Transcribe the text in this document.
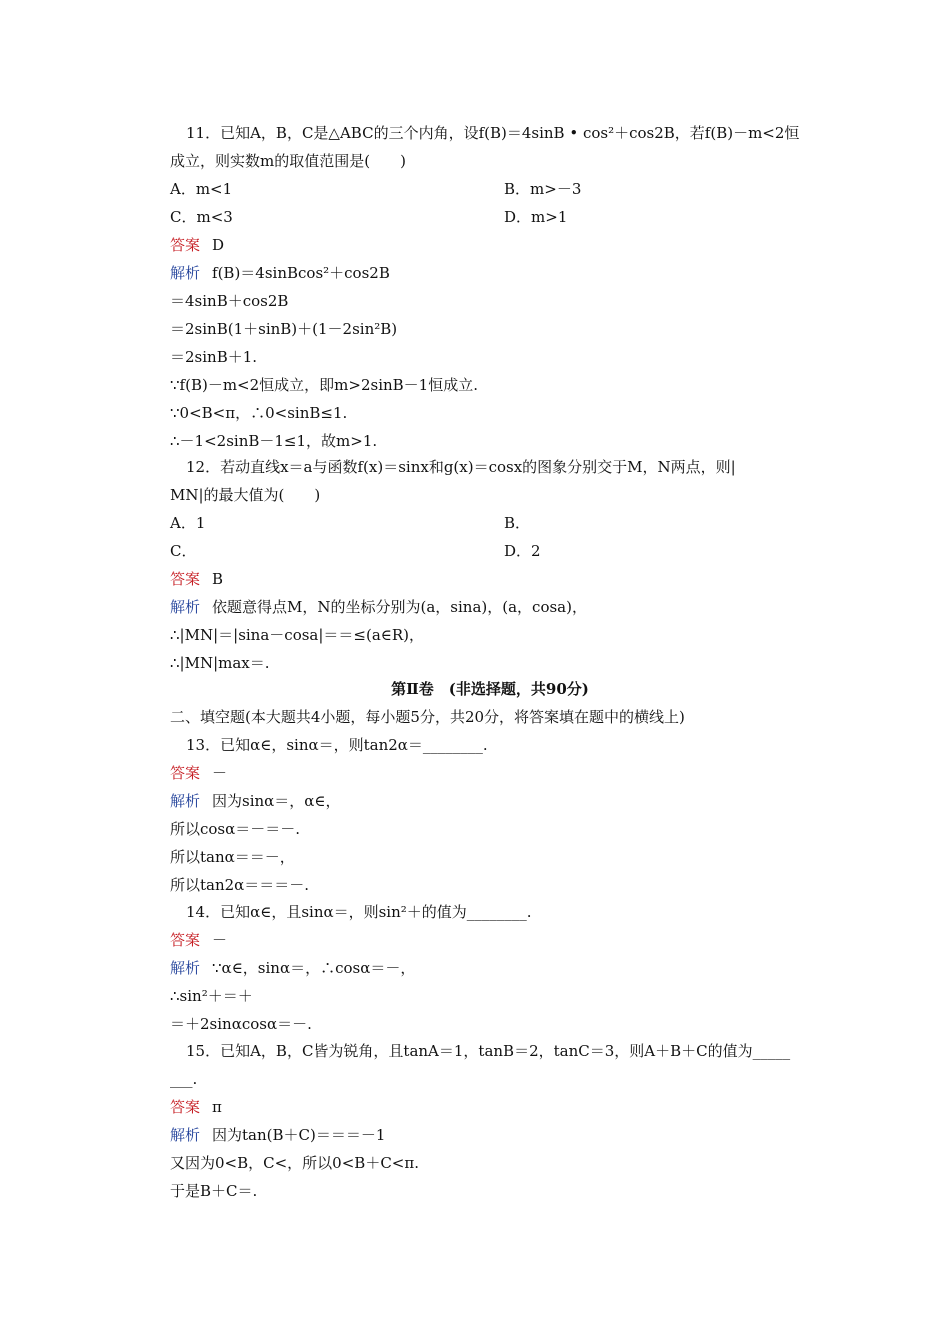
11．已知A，B，C是△ABC的三个内角，设f(B)＝4sinB • cos²＋cos2B，若f(B)－m<2恒
成立，则实数m的取值范围是(　　)
A．m<1	B．m>－3
C．m<3	D．m>1
答案 D
解析 f(B)＝4sinBcos²＋cos2B
＝4sinB＋cos2B
＝2sinB(1＋sinB)＋(1－2sin²B)
＝2sinB＋1.
∵f(B)－m<2恒成立，即m>2sinB－1恒成立.
∵0<B<π，∴0<sinB≤1.
∴－1<2sinB－1≤1，故m>1.
12．若动直线x＝a与函数f(x)＝sinx和g(x)＝cosx的图象分别交于M，N两点，则|
MN|的最大值为(　　)
A．1	B．
C．	D．2
答案 B
解析 依题意得点M，N的坐标分别为(a，sina)，(a，cosa)，
∴|MN|＝|sina－cosa|＝＝≤(a∈R)，
∴|MN|max＝.
第Ⅱ卷　(非选择题，共90分)
二、填空题(本大题共4小题，每小题5分，共20分，将答案填在题中的横线上)
13．已知α∈，sinα＝，则tan2α＝________.
答案 －
解析 因为sinα＝，α∈，
所以cosα＝－＝－.
所以tanα＝＝－，
所以tan2α＝＝＝－.
14．已知α∈，且sinα＝，则sin²＋的值为________.
答案 －
解析 ∵α∈，sinα＝，∴cosα＝－，
∴sin²＋＝＋
＝＋2sinαcosα＝－.
15．已知A，B，C皆为锐角，且tanA＝1，tanB＝2，tanC＝3，则A＋B＋C的值为_____
___.
答案 π
解析 因为tan(B＋C)＝＝＝－1
又因为0<B，C<，所以0<B＋C<π.
于是B＋C＝.
